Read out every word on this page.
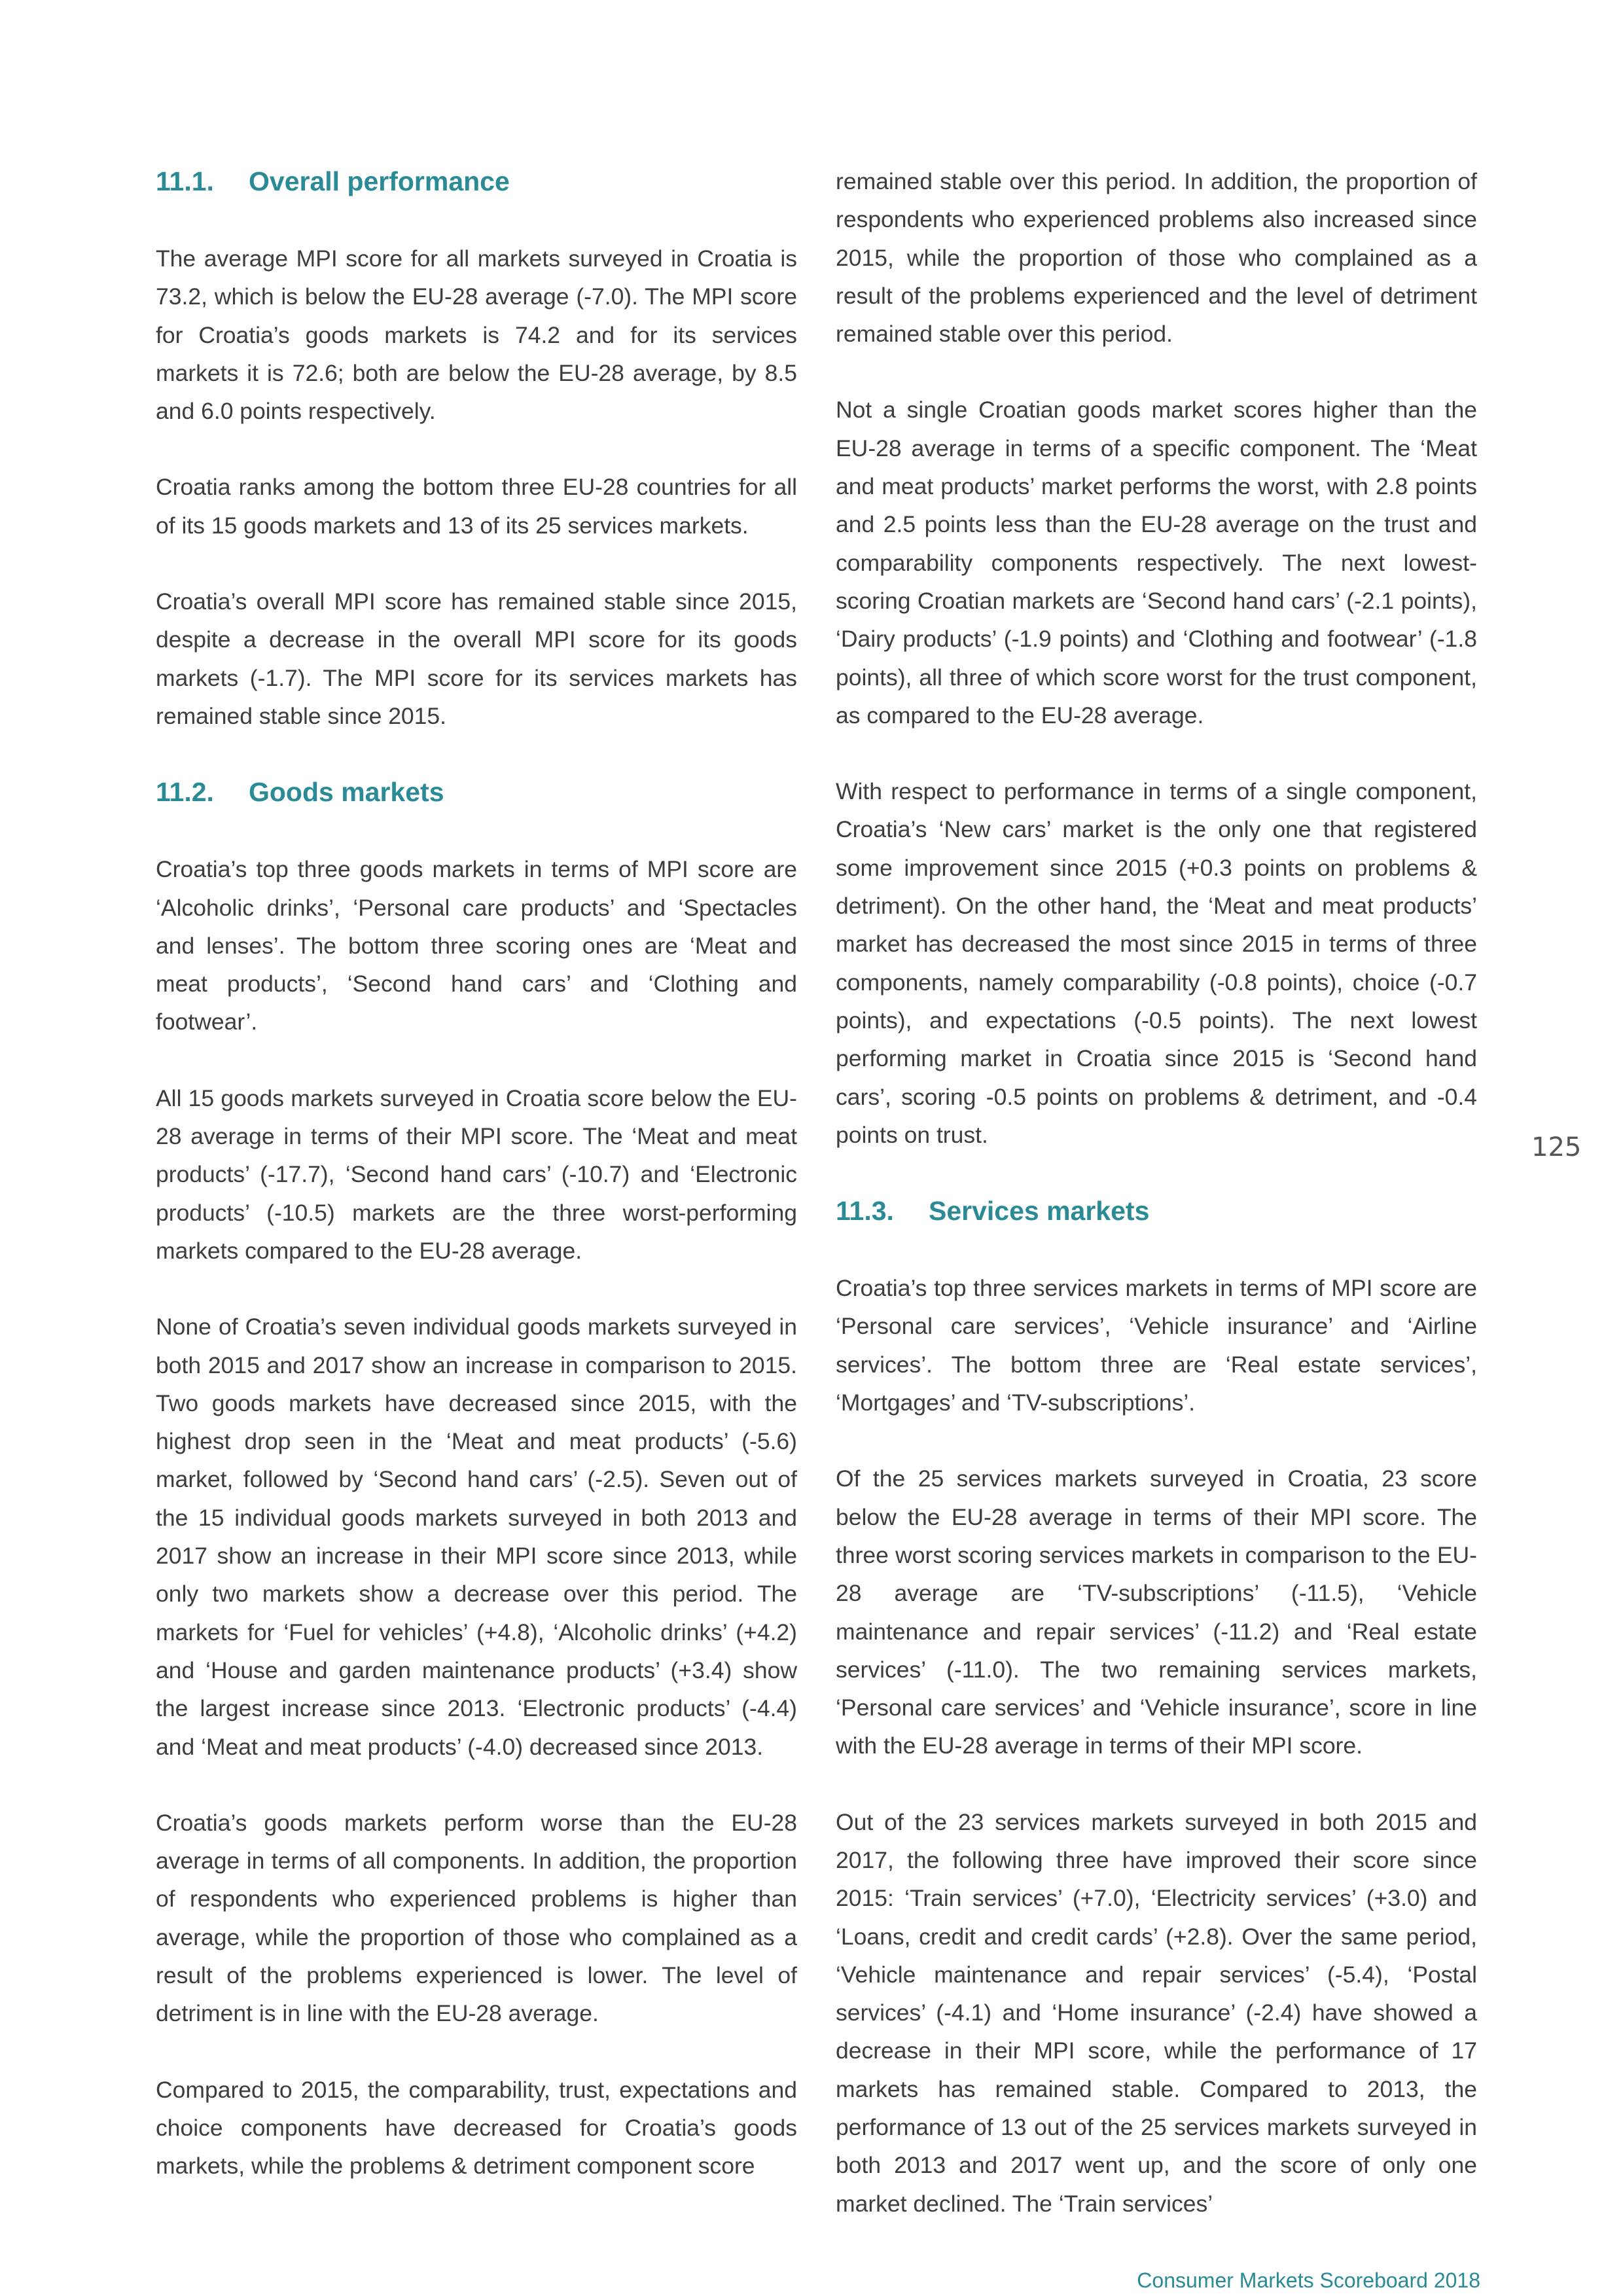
11.1. Overall performance

The average MPI score for all markets surveyed in Croatia is 73.2, which is below the EU-28 average (-7.0). The MPI score for Croatia’s goods markets is 74.2 and for its services markets it is 72.6; both are below the EU-28 average, by 8.5 and 6.0 points respectively.

Croatia ranks among the bottom three EU-28 countries for all of its 15 goods markets and 13 of its 25 services markets.

Croatia’s overall MPI score has remained stable since 2015, despite a decrease in the overall MPI score for its goods markets (-1.7). The MPI score for its services markets has remained stable since 2015.

11.2. Goods markets

Croatia’s top three goods markets in terms of MPI score are ‘Alcoholic drinks’, ‘Personal care products’ and ‘Spectacles and lenses’. The bottom three scoring ones are ‘Meat and meat products’, ‘Second hand cars’ and ‘Clothing and footwear’.

All 15 goods markets surveyed in Croatia score below the EU-28 average in terms of their MPI score. The ‘Meat and meat products’ (-17.7), ‘Second hand cars’ (-10.7) and ‘Electronic products’ (-10.5) markets are the three worst-performing markets compared to the EU-28 average.

None of Croatia’s seven individual goods markets surveyed in both 2015 and 2017 show an increase in comparison to 2015. Two goods markets have decreased since 2015, with the highest drop seen in the ‘Meat and meat products’ (-5.6) market, followed by ‘Second hand cars’ (-2.5). Seven out of the 15 individual goods markets surveyed in both 2013 and 2017 show an increase in their MPI score since 2013, while only two markets show a decrease over this period. The markets for ‘Fuel for vehicles’ (+4.8), ‘Alcoholic drinks’ (+4.2) and ‘House and garden maintenance products’ (+3.4) show the largest increase since 2013. ‘Electronic products’ (-4.4) and ‘Meat and meat products’ (-4.0) decreased since 2013.

Croatia’s goods markets perform worse than the EU-28 average in terms of all components. In addition, the proportion of respondents who experienced problems is higher than average, while the proportion of those who complained as a result of the problems experienced is lower. The level of detriment is in line with the EU-28 average.

Compared to 2015, the comparability, trust, expectations and choice components have decreased for Croatia’s goods markets, while the problems & detriment component score

remained stable over this period. In addition, the proportion of respondents who experienced problems also increased since 2015, while the proportion of those who complained as a result of the problems experienced and the level of detriment remained stable over this period.

Not a single Croatian goods market scores higher than the EU-28 average in terms of a specific component. The ‘Meat and meat products’ market performs the worst, with 2.8 points and 2.5 points less than the EU-28 average on the trust and comparability components respectively. The next lowest-scoring Croatian markets are ‘Second hand cars’ (-2.1 points), ‘Dairy products’ (-1.9 points) and ‘Clothing and footwear’ (-1.8 points), all three of which score worst for the trust component, as compared to the EU-28 average.

With respect to performance in terms of a single component, Croatia’s ‘New cars’ market is the only one that registered some improvement since 2015 (+0.3 points on problems & detriment). On the other hand, the ‘Meat and meat products’ market has decreased the most since 2015 in terms of three components, namely comparability (-0.8 points), choice (-0.7 points), and expectations (-0.5 points). The next lowest performing market in Croatia since 2015 is ‘Second hand cars’, scoring -0.5 points on problems & detriment, and -0.4 points on trust.

11.3. Services markets

Croatia’s top three services markets in terms of MPI score are ‘Personal care services’, ‘Vehicle insurance’ and ‘Airline services’. The bottom three are ‘Real estate services’, ‘Mortgages’ and ‘TV-subscriptions’.

Of the 25 services markets surveyed in Croatia, 23 score below the EU-28 average in terms of their MPI score. The three worst scoring services markets in comparison to the EU-28 average are ‘TV-subscriptions’ (-11.5), ‘Vehicle maintenance and repair services’ (-11.2) and ‘Real estate services’ (-11.0). The two remaining services markets, ‘Personal care services’ and ‘Vehicle insurance’, score in line with the EU-28 average in terms of their MPI score.

Out of the 23 services markets surveyed in both 2015 and 2017, the following three have improved their score since 2015: ‘Train services’ (+7.0), ‘Electricity services’ (+3.0) and ‘Loans, credit and credit cards’ (+2.8). Over the same period, ‘Vehicle maintenance and repair services’ (-5.4), ‘Postal services’ (-4.1) and ‘Home insurance’ (-2.4) have showed a decrease in their MPI score, while the performance of 17 markets has remained stable. Compared to 2013, the performance of 13 out of the 25 services markets surveyed in both 2013 and 2017 went up, and the score of only one market declined. The ‘Train services’

125
Consumer Markets Scoreboard 2018
